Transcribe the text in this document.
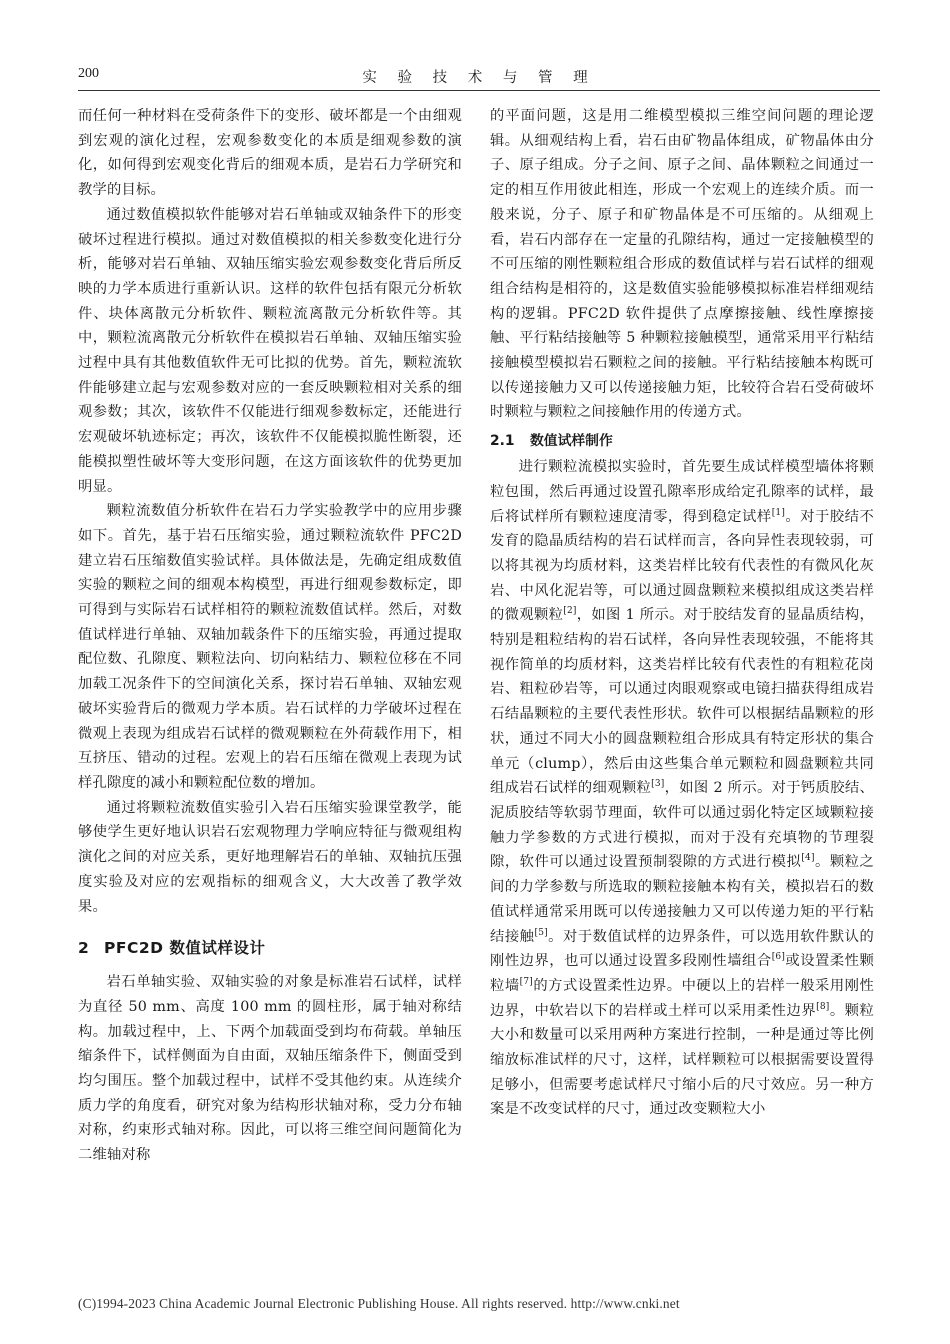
200	实 验 技 术 与 管 理

而任何一种材料在受荷条件下的变形、破坏都是一个由细观到宏观的演化过程，宏观参数变化的本质是细观参数的演化，如何得到宏观变化背后的细观本质，是岩石力学研究和教学的目标。

通过数值模拟软件能够对岩石单轴或双轴条件下的形变破坏过程进行模拟。通过对数值模拟的相关参数变化进行分析，能够对岩石单轴、双轴压缩实验宏观参数变化背后所反映的力学本质进行重新认识。这样的软件包括有限元分析软件、块体离散元分析软件、颗粒流离散元分析软件等。其中，颗粒流离散元分析软件在模拟岩石单轴、双轴压缩实验过程中具有其他数值软件无可比拟的优势。首先，颗粒流软件能够建立起与宏观参数对应的一套反映颗粒相对关系的细观参数；其次，该软件不仅能进行细观参数标定，还能进行宏观破坏轨迹标定；再次，该软件不仅能模拟脆性断裂，还能模拟塑性破坏等大变形问题，在这方面该软件的优势更加明显。

颗粒流数值分析软件在岩石力学实验教学中的应用步骤如下。首先，基于岩石压缩实验，通过颗粒流软件 PFC2D 建立岩石压缩数值实验试样。具体做法是，先确定组成数值实验的颗粒之间的细观本构模型，再进行细观参数标定，即可得到与实际岩石试样相符的颗粒流数值试样。然后，对数值试样进行单轴、双轴加载条件下的压缩实验，再通过提取配位数、孔隙度、颗粒法向、切向粘结力、颗粒位移在不同加载工况条件下的空间演化关系，探讨岩石单轴、双轴宏观破坏实验背后的微观力学本质。岩石试样的力学破坏过程在微观上表现为组成岩石试样的微观颗粒在外荷载作用下，相互挤压、错动的过程。宏观上的岩石压缩在微观上表现为试样孔隙度的减小和颗粒配位数的增加。

通过将颗粒流数值实验引入岩石压缩实验课堂教学，能够使学生更好地认识岩石宏观物理力学响应特征与微观组构演化之间的对应关系，更好地理解岩石的单轴、双轴抗压强度实验及对应的宏观指标的细观含义，大大改善了教学效果。

2 PFC2D 数值试样设计

岩石单轴实验、双轴实验的对象是标准岩石试样，试样为直径 50 mm、高度 100 mm 的圆柱形，属于轴对称结构。加载过程中，上、下两个加载面受到均布荷载。单轴压缩条件下，试样侧面为自由面，双轴压缩条件下，侧面受到均匀围压。整个加载过程中，试样不受其他约束。从连续介质力学的角度看，研究对象为结构形状轴对称，受力分布轴对称，约束形式轴对称。因此，可以将三维空间问题简化为二维轴对称

的平面问题，这是用二维模型模拟三维空间问题的理论逻辑。从细观结构上看，岩石由矿物晶体组成，矿物晶体由分子、原子组成。分子之间、原子之间、晶体颗粒之间通过一定的相互作用彼此相连，形成一个宏观上的连续介质。而一般来说，分子、原子和矿物晶体是不可压缩的。从细观上看，岩石内部存在一定量的孔隙结构，通过一定接触模型的不可压缩的刚性颗粒组合形成的数值试样与岩石试样的细观组合结构是相符的，这是数值实验能够模拟标准岩样细观结构的逻辑。PFC2D 软件提供了点摩擦接触、线性摩擦接触、平行粘结接触等 5 种颗粒接触模型，通常采用平行粘结接触模型模拟岩石颗粒之间的接触。平行粘结接触本构既可以传递接触力又可以传递接触力矩，比较符合岩石受荷破坏时颗粒与颗粒之间接触作用的传递方式。

2.1 数值试样制作

进行颗粒流模拟实验时，首先要生成试样模型墙体将颗粒包围，然后再通过设置孔隙率形成给定孔隙率的试样，最后将试样所有颗粒速度清零，得到稳定试样[1]。对于胶结不发育的隐晶质结构的岩石试样而言，各向异性表现较弱，可以将其视为均质材料，这类岩样比较有代表性的有微风化灰岩、中风化泥岩等，可以通过圆盘颗粒来模拟组成这类岩样的微观颗粒[2]，如图 1 所示。对于胶结发育的显晶质结构，特别是粗粒结构的岩石试样，各向异性表现较强，不能将其视作简单的均质材料，这类岩样比较有代表性的有粗粒花岗岩、粗粒砂岩等，可以通过肉眼观察或电镜扫描获得组成岩石结晶颗粒的主要代表性形状。软件可以根据结晶颗粒的形状，通过不同大小的圆盘颗粒组合形成具有特定形状的集合单元（clump），然后由这些集合单元颗粒和圆盘颗粒共同组成岩石试样的细观颗粒[3]，如图 2 所示。对于钙质胶结、泥质胶结等软弱节理面，软件可以通过弱化特定区域颗粒接触力学参数的方式进行模拟，而对于没有充填物的节理裂隙，软件可以通过设置预制裂隙的方式进行模拟[4]。颗粒之间的力学参数与所选取的颗粒接触本构有关，模拟岩石的数值试样通常采用既可以传递接触力又可以传递力矩的平行粘结接触[5]。对于数值试样的边界条件，可以选用软件默认的刚性边界，也可以通过设置多段刚性墙组合[6]或设置柔性颗粒墙[7]的方式设置柔性边界。中硬以上的岩样一般采用刚性边界，中软岩以下的岩样或土样可以采用柔性边界[8]。颗粒大小和数量可以采用两种方案进行控制，一种是通过等比例缩放标准试样的尺寸，这样，试样颗粒可以根据需要设置得足够小，但需要考虑试样尺寸缩小后的尺寸效应。另一种方案是不改变试样的尺寸，通过改变颗粒大小

(C)1994-2023 China Academic Journal Electronic Publishing House. All rights reserved. http://www.cnki.net
